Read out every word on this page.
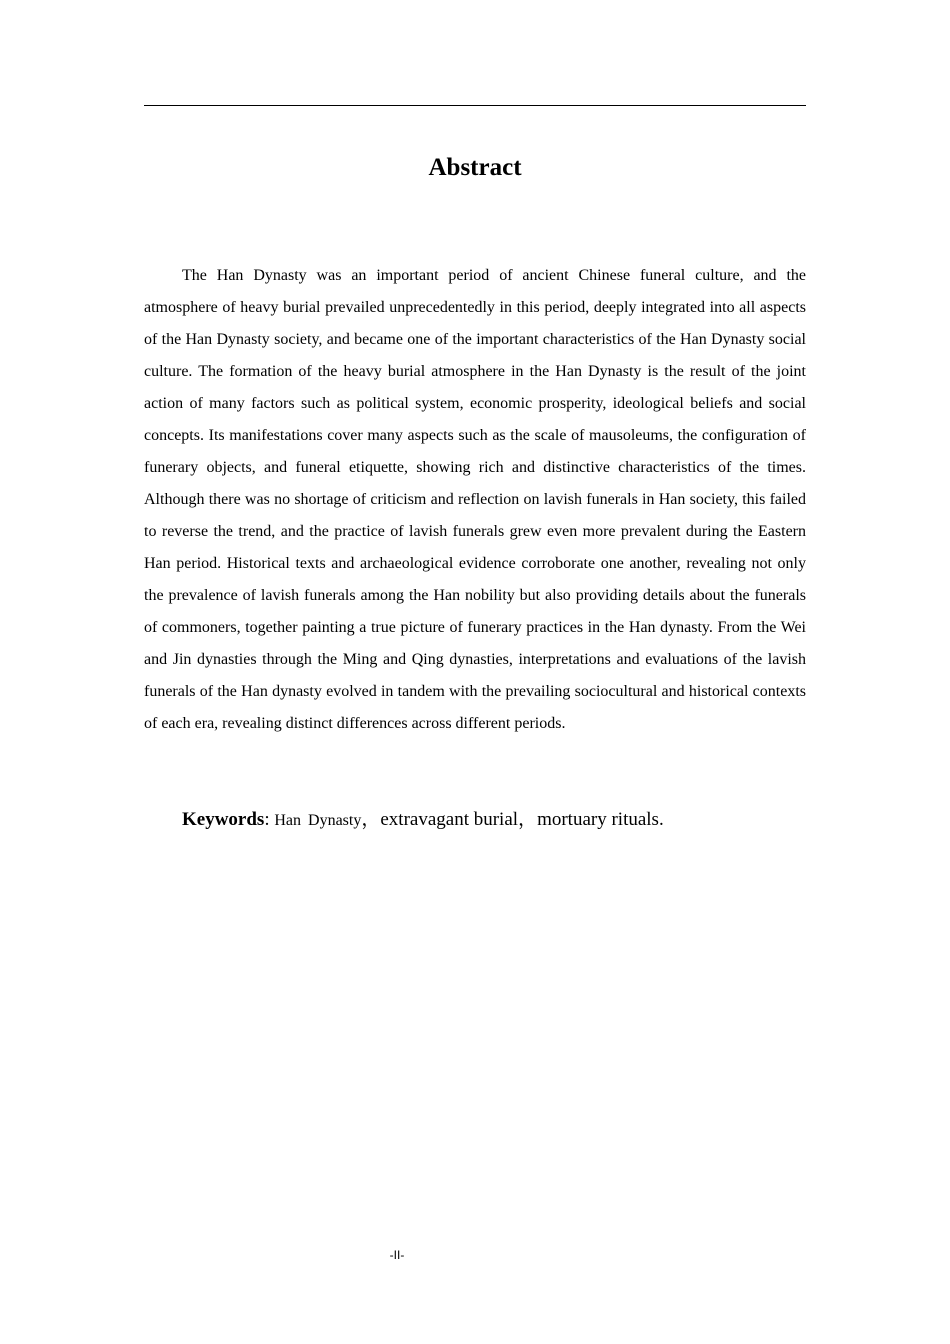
Abstract

The Han Dynasty was an important period of ancient Chinese funeral culture, and the atmosphere of heavy burial prevailed unprecedentedly in this period, deeply integrated into all aspects of the Han Dynasty society, and became one of the important characteristics of the Han Dynasty social culture. The formation of the heavy burial atmosphere in the Han Dynasty is the result of the joint action of many factors such as political system, economic prosperity, ideological beliefs and social concepts. Its manifestations cover many aspects such as the scale of mausoleums, the configuration of funerary objects, and funeral etiquette, showing rich and distinctive characteristics of the times. Although there was no shortage of criticism and reflection on lavish funerals in Han society, this failed to reverse the trend, and the practice of lavish funerals grew even more prevalent during the Eastern Han period. Historical texts and archaeological evidence corroborate one another, revealing not only the prevalence of lavish funerals among the Han nobility but also providing details about the funerals of commoners, together painting a true picture of funerary practices in the Han dynasty. From the Wei and Jin dynasties through the Ming and Qing dynasties, interpretations and evaluations of the lavish funerals of the Han dynasty evolved in tandem with the prevailing sociocultural and historical contexts of each era, revealing distinct differences across different periods.

Keywords: Han Dynasty，extravagant burial，mortuary rituals.

-II-
